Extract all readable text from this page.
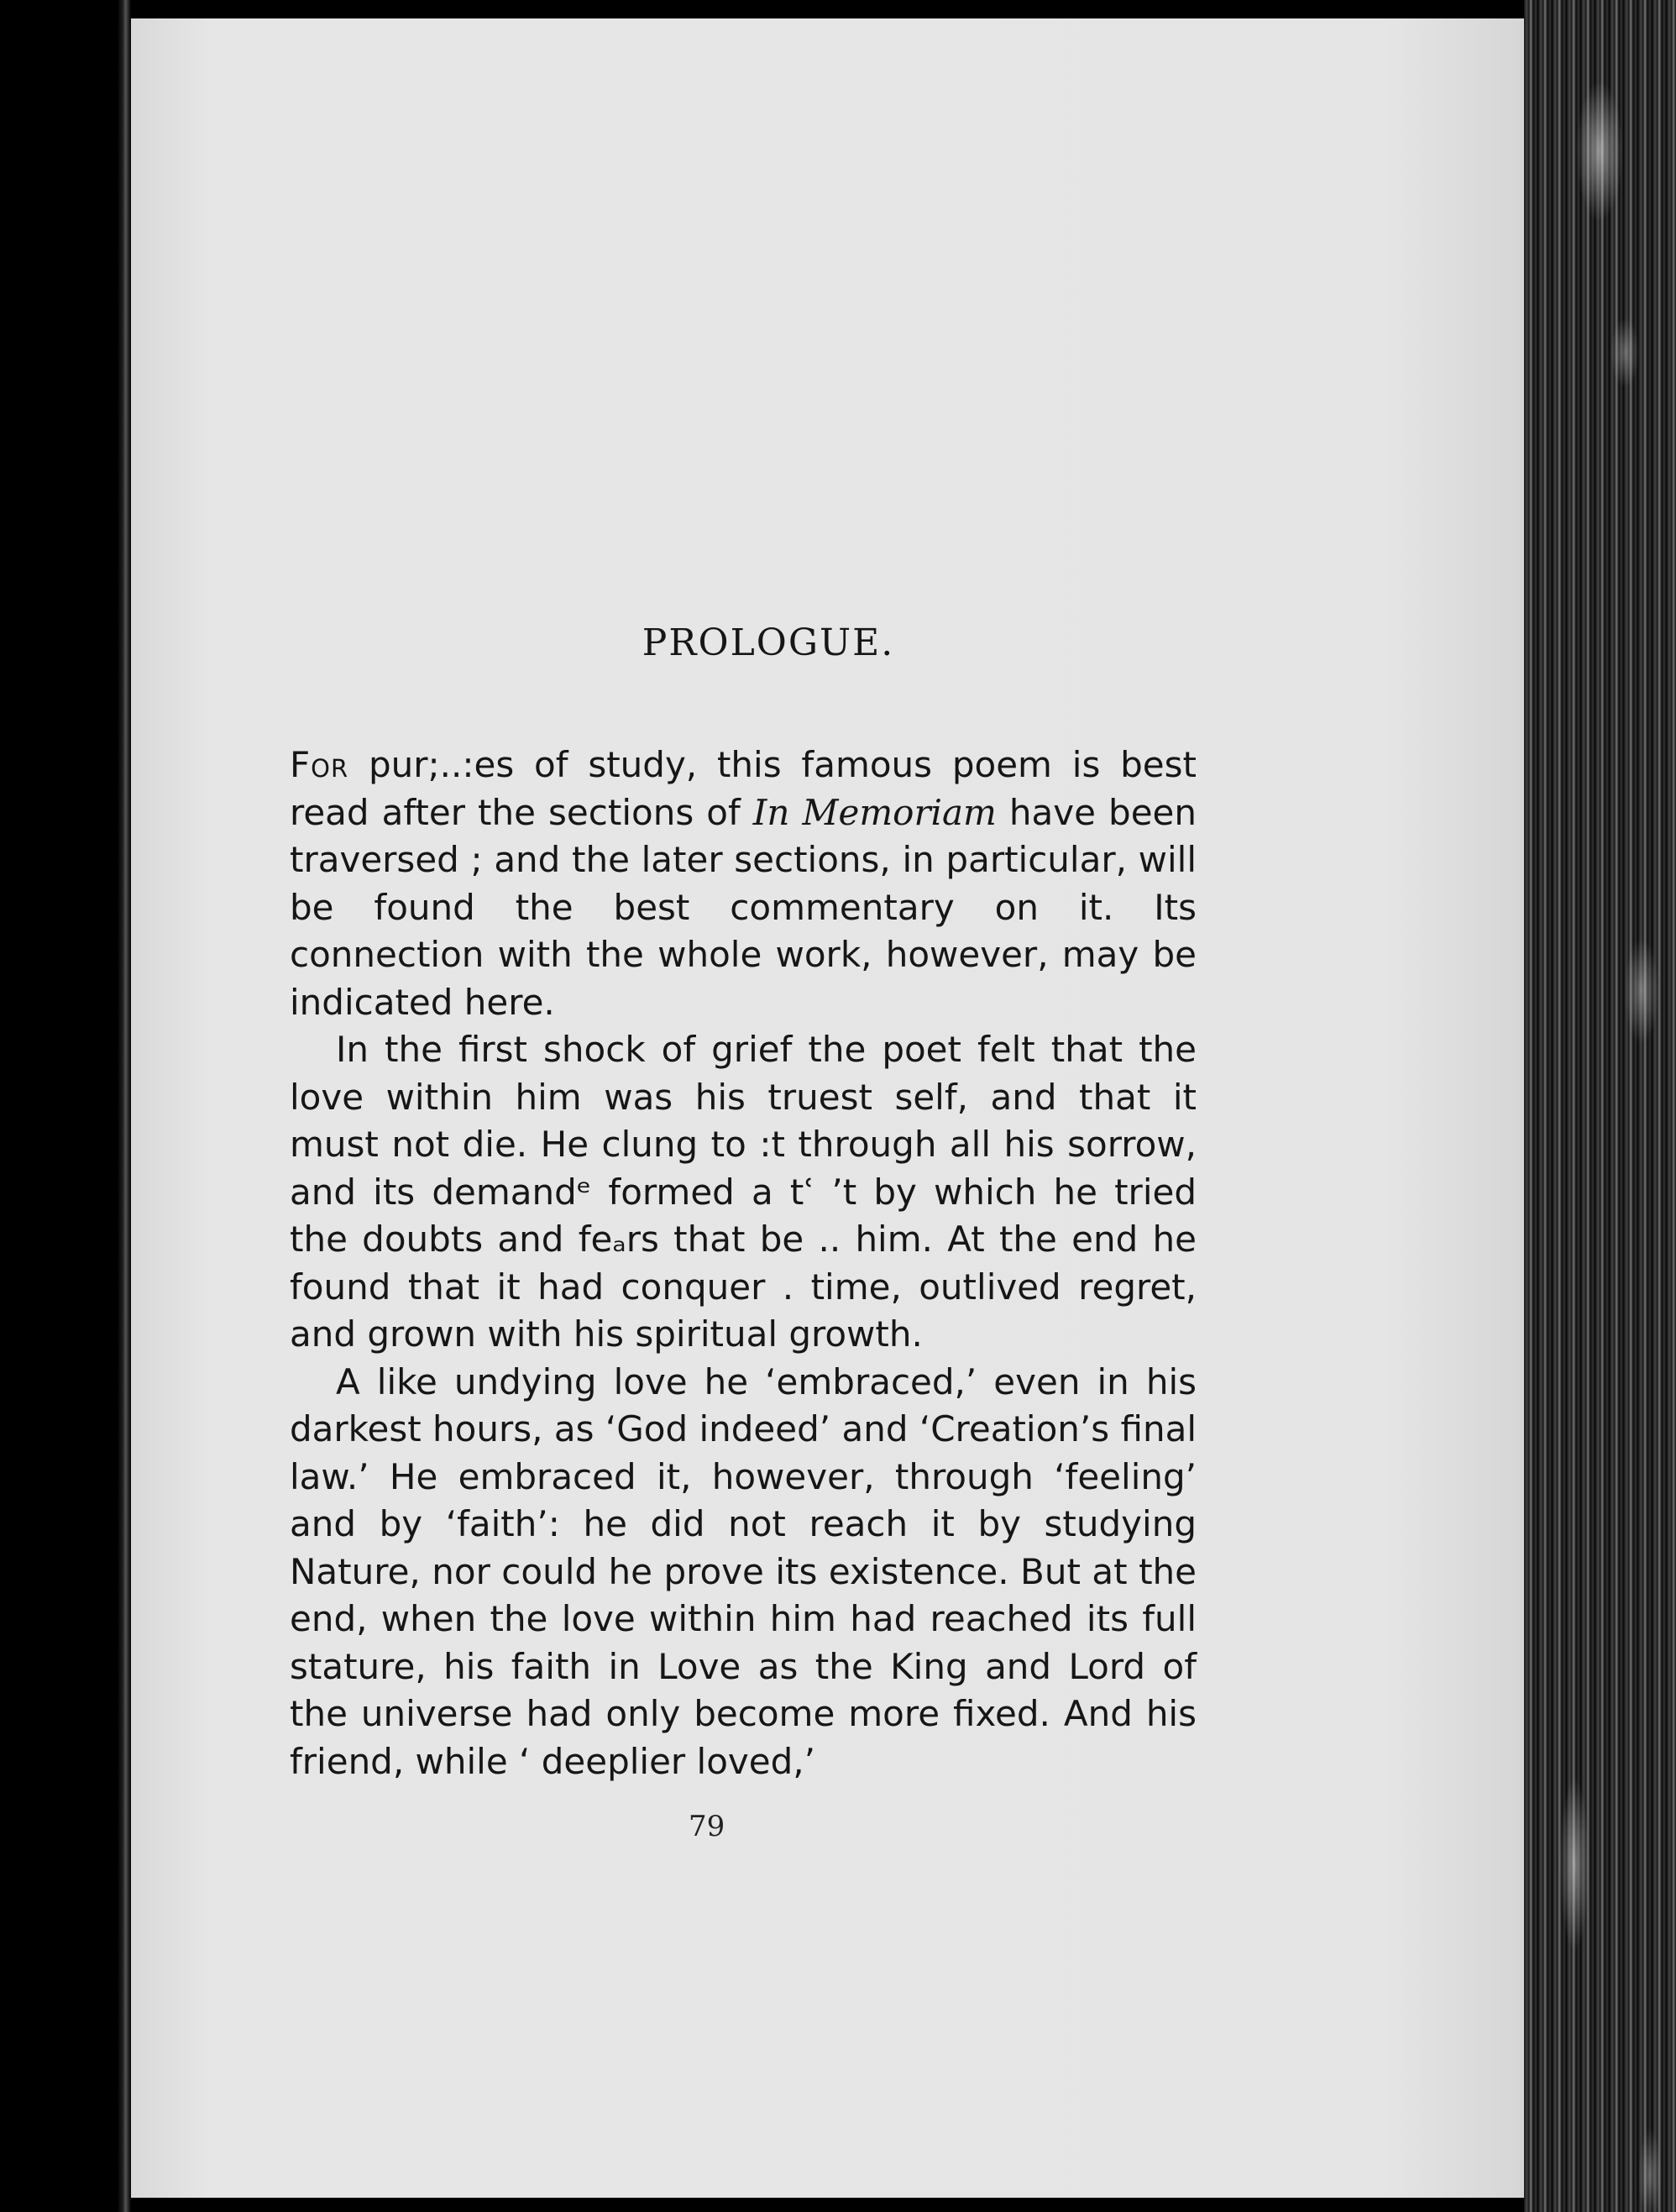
PROLOGUE.

For pur;..:es of study, this famous poem is best read after the sections of In Memoriam have been traversed ; and the later sections, in particular, will be found the best commentary on it. Its connection with the whole work, however, may be indicated here.

In the first shock of grief the poet felt that the love within him was his truest self, and that it must not die. He clung to :t through all his sorrow, and its demandᵉ formed a tʿ ʼt by which he tried the doubts and feₐrs that be .. him. At the end he found that it had conquer . time, outlived regret, and grown with his spiritual growth.

A like undying love he ‘embraced,’ even in his darkest hours, as ‘God indeed’ and ‘Creation’s final law.’ He embraced it, however, through ‘feeling’ and by ‘faith’: he did not reach it by studying Nature, nor could he prove its existence. But at the end, when the love within him had reached its full stature, his faith in Love as the King and Lord of the universe had only become more fixed. And his friend, while ‘ deeplier loved,’

79
